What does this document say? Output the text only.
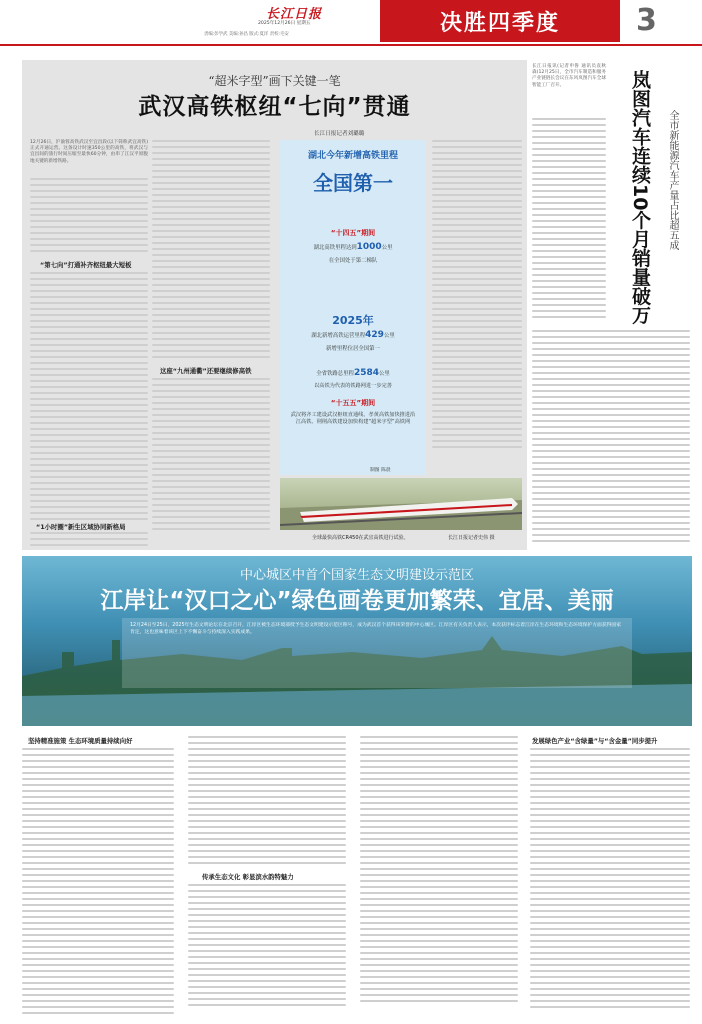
长江日报
2025年12月26日 星期五
责编:彭学武 美编:孙昌 版式:夏洋 责校:毛安	决胜四季度	3
“超米字型”画下关键一笔
武汉高铁枢纽“七向”贯通
长江日报记者刘璐璐
12月26日，沪渝蓉高铁武汉至宜昌段(以下简称武宜高铁)正式开通运营。这条设计时速350公里的高铁，将武汉与宜昌间的旅行时间压缩至最快60分钟，由串了江汉平原腹地关键的新增铁路。
“第七向”打通补齐枢纽最大短板
“1小时圈”新生区域协同新格局
这座“九州通衢”还要继续修高铁
湖北今年新增高铁里程
全国第一
“十四五”期间
湖北高铁里程达到1000公里
在全国处于第二梯队
2025年
湖北新增高铁运营里程429公里
新增里程位居全国第一
全省铁路总里程2584公里
以高铁为代表的铁路网进一步完善
“十五五”期间
武汉将齐工建设武汉枢纽直通线、孝黄高铁加快推进沿江高铁、荆荆高铁建设加快构建“超米字型”高铁网
制图 陈晨
全球最快高铁CR450在武宜高铁进行试验。	长江日报记者史伟 摄
长江日报讯(记者申鲁 通讯员袁秋森)12月25日，全市汽车制造和服务产业链链长会议在东风岚图汽车全球智能工厂召开。	岚图汽车连续10个月销量破万 全市新能源汽车产量占比超五成
中心城区中首个国家生态文明建设示范区
江岸让“汉口之心”绿色画卷更加繁荣、宜居、美丽
12月24日至25日，2025年生态文明论坛在北京召开，江岸区被生态环境部授予生态文明建设示范区称号，成为武汉首个获得该荣誉的中心城区。江岸区有关负责人表示，本次获评标志着江岸在生态环境和生态环境保护方面获得国家肯定，这也意味着该区上下不懈奋斗与持续深入实践成果。
坚持精准施策 生态环境质量持续向好
传承生态文化 彰显滨水韵特魅力
发展绿色产业“含绿量”与“含金量”同步提升
